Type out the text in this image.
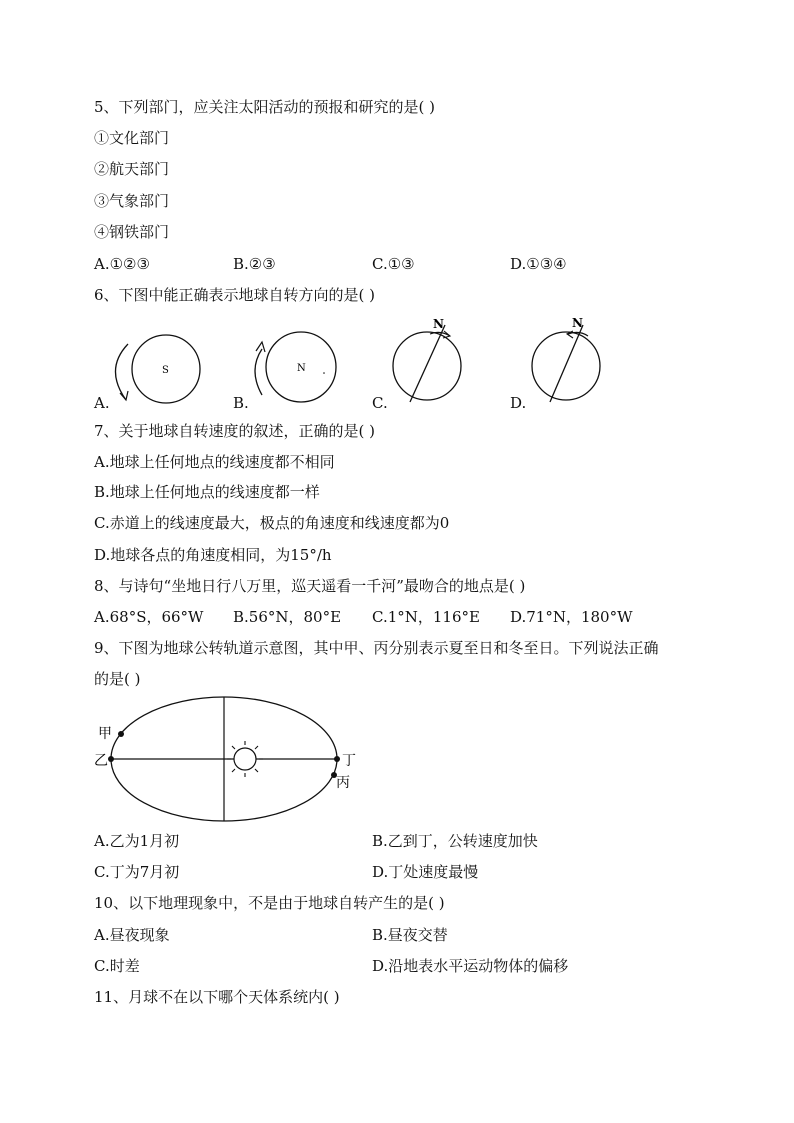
5、下列部门，应关注太阳活动的预报和研究的是( )
①文化部门
②航天部门
③气象部门
④钢铁部门
A.①②③	B.②③	C.①③	D.①③④
6、下图中能正确表示地球自转方向的是( )
S	N
N	N
A.	B.	C.	D.
7、关于地球自转速度的叙述，正确的是( )
A.地球上任何地点的线速度都不相同
B.地球上任何地点的线速度都一样
C.赤道上的线速度最大，极点的角速度和线速度都为0
D.地球各点的角速度相同，为15°/h
8、与诗句“坐地日行八万里，巡天遥看一千河”最吻合的地点是( )
A.68°S，66°W B.56°N，80°E C.1°N，116°E D.71°N，180°W
9、下图为地球公转轨道示意图，其中甲、丙分别表示夏至日和冬至日。下列说法正确
的是( )
甲
乙	丁
丙
A.乙为1月初	B.乙到丁，公转速度加快
C.丁为7月初	D.丁处速度最慢
10、以下地理现象中，不是由于地球自转产生的是( )
A.昼夜现象	B.昼夜交替
C.时差	D.沿地表水平运动物体的偏移
11、月球不在以下哪个天体系统内( )
